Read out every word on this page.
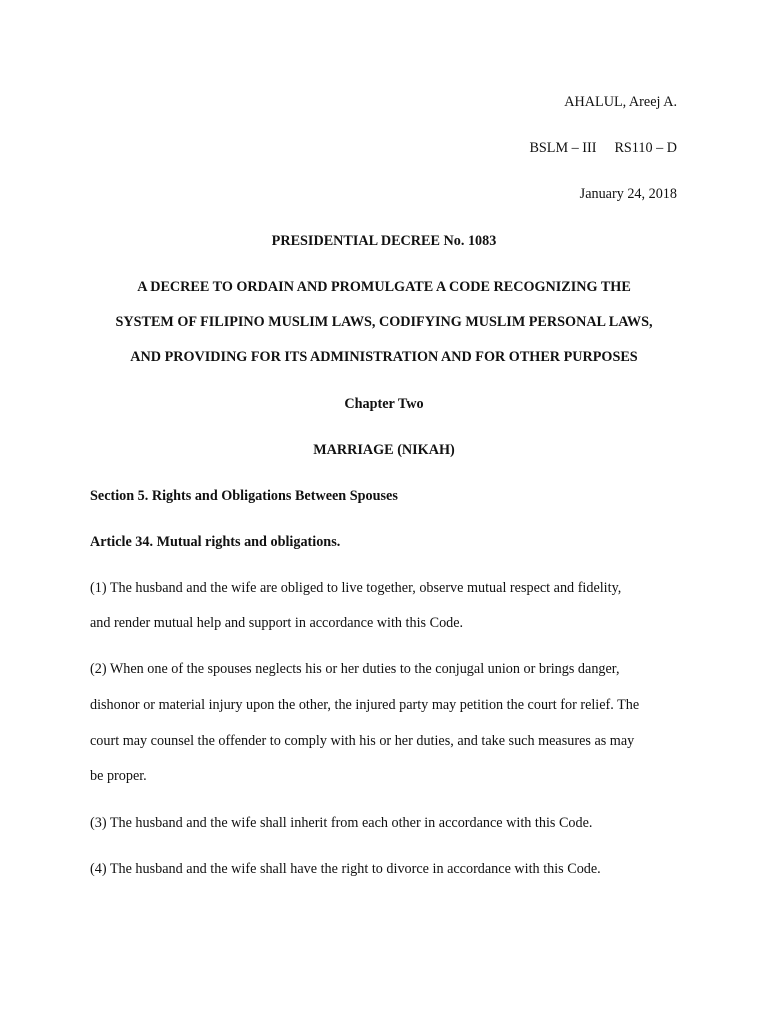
AHALUL, Areej A.
BSLM – III RS110 – D
January 24, 2018
PRESIDENTIAL DECREE No. 1083
A DECREE TO ORDAIN AND PROMULGATE A CODE RECOGNIZING THE
SYSTEM OF FILIPINO MUSLIM LAWS, CODIFYING MUSLIM PERSONAL LAWS,
AND PROVIDING FOR ITS ADMINISTRATION AND FOR OTHER PURPOSES
Chapter Two
MARRIAGE (NIKAH)
Section 5. Rights and Obligations Between Spouses
Article 34. Mutual rights and obligations.
(1) The husband and the wife are obliged to live together, observe mutual respect and fidelity,
and render mutual help and support in accordance with this Code.
(2) When one of the spouses neglects his or her duties to the conjugal union or brings danger,
dishonor or material injury upon the other, the injured party may petition the court for relief. The
court may counsel the offender to comply with his or her duties, and take such measures as may
be proper.
(3) The husband and the wife shall inherit from each other in accordance with this Code.
(4) The husband and the wife shall have the right to divorce in accordance with this Code.
